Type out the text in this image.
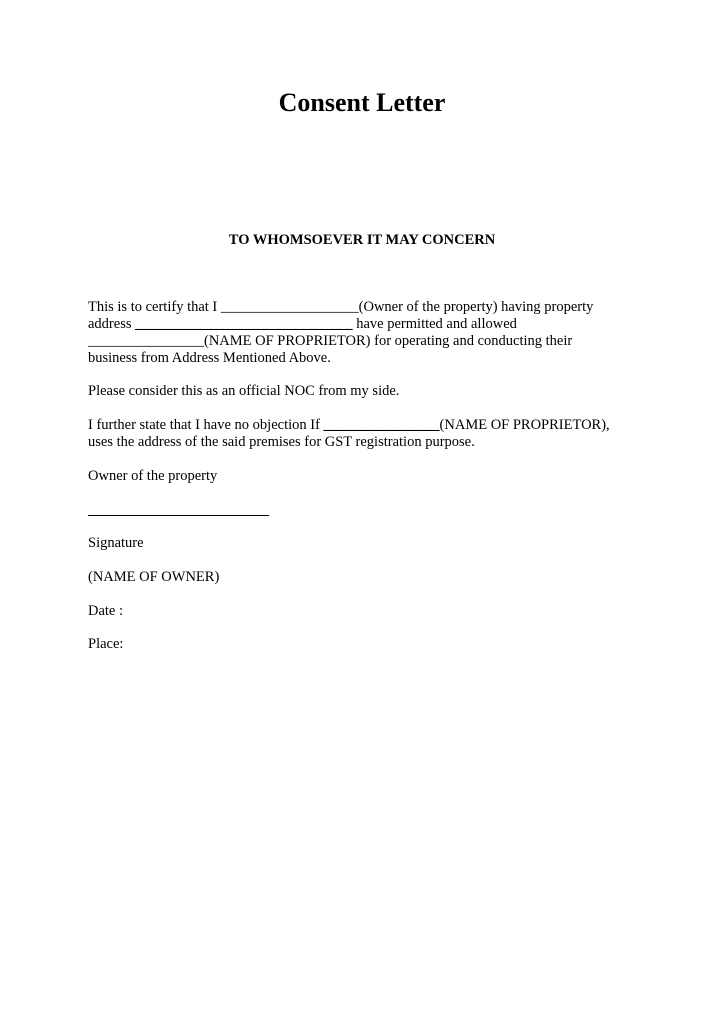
Consent Letter
TO WHOMSOEVER IT MAY CONCERN
This is to certify that I ___________________(Owner of the property) having property
address ______________________________ have permitted and allowed
________________(NAME OF PROPRIETOR) for operating and conducting their
business from Address Mentioned Above.
Please consider this as an official NOC from my side.
I further state that I have no objection If ________________(NAME OF PROPRIETOR),
uses the address of the said premises for GST registration purpose.
Owner of the property
Signature
(NAME OF OWNER)
Date :
Place:
